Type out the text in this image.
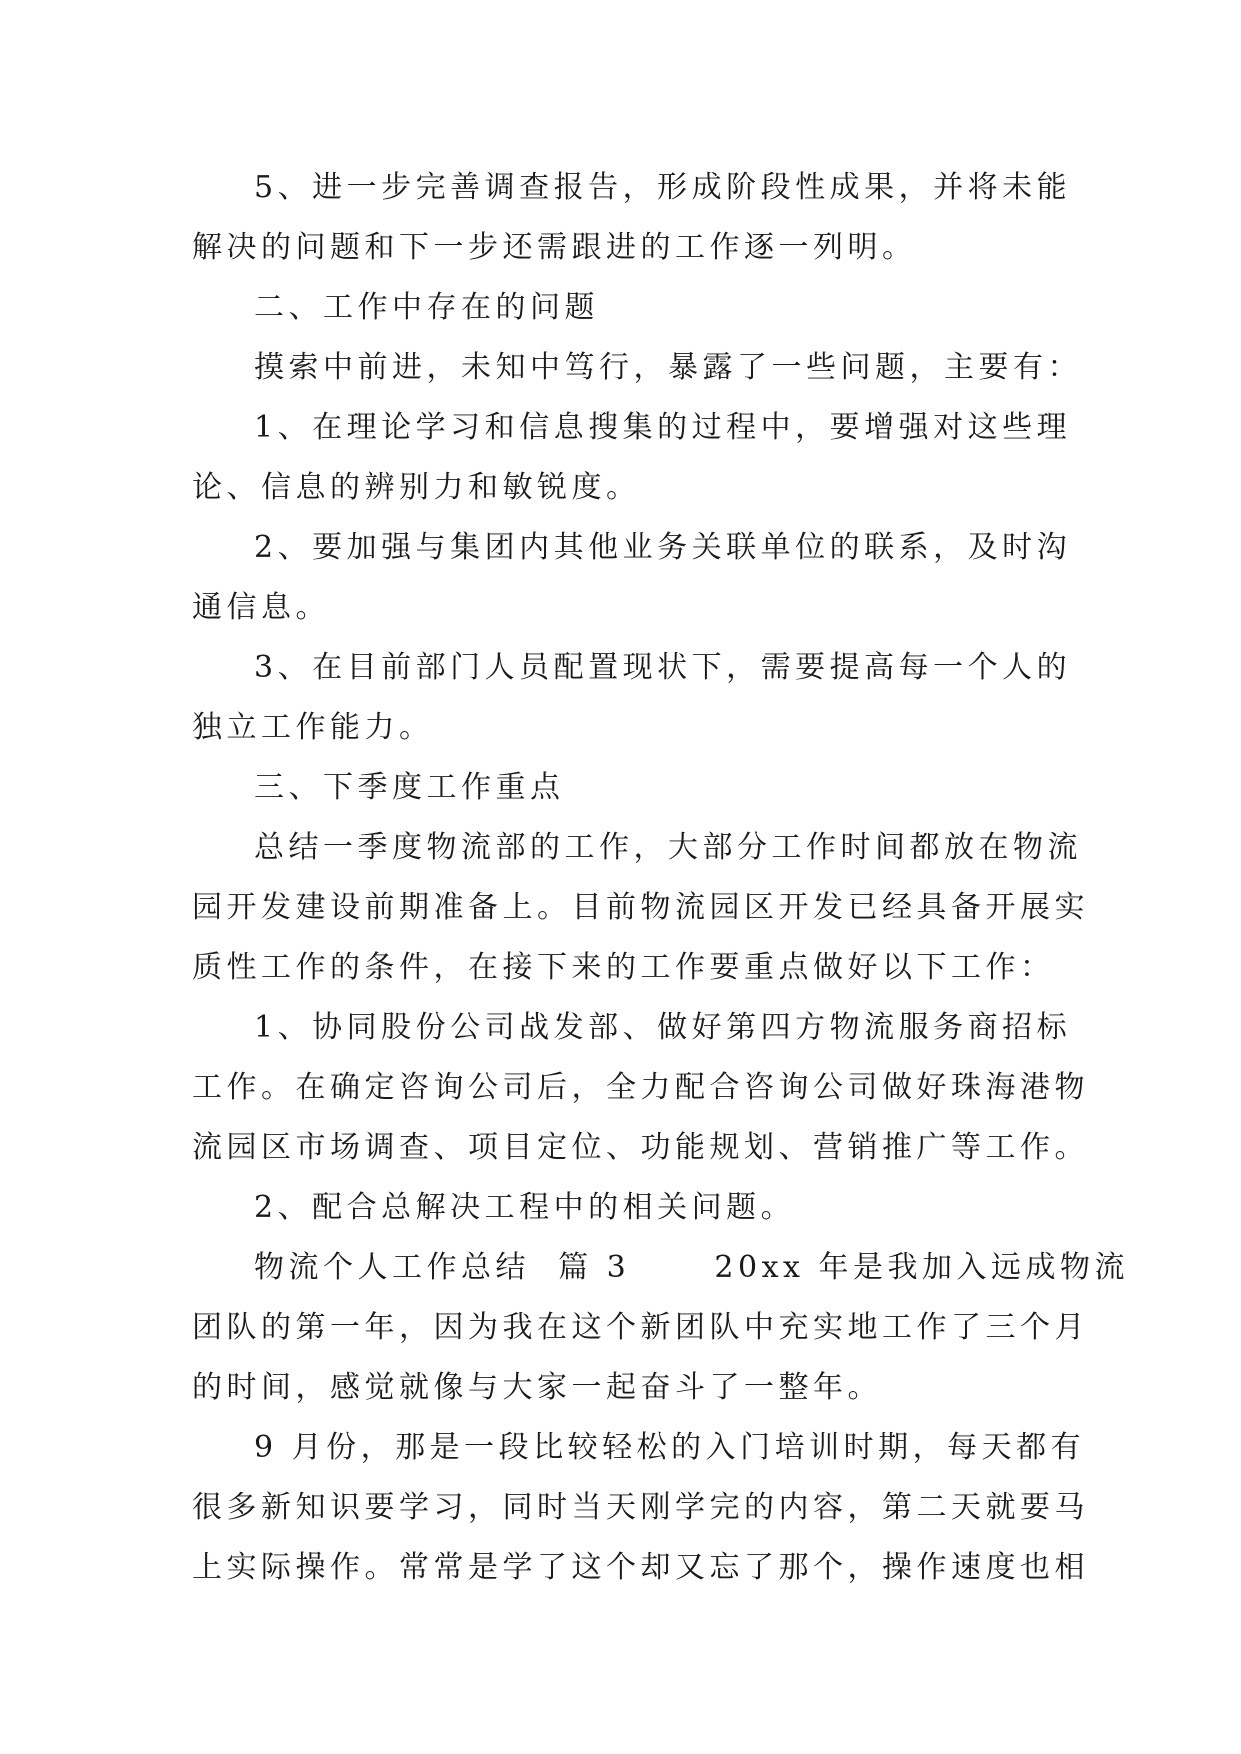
5、进一步完善调查报告，形成阶段性成果，并将未能
解决的问题和下一步还需跟进的工作逐一列明。
二、工作中存在的问题
摸索中前进，未知中笃行，暴露了一些问题，主要有：
1、在理论学习和信息搜集的过程中，要增强对这些理
论、信息的辨别力和敏锐度。
2、要加强与集团内其他业务关联单位的联系，及时沟
通信息。
3、在目前部门人员配置现状下，需要提高每一个人的
独立工作能力。
三、下季度工作重点
总结一季度物流部的工作，大部分工作时间都放在物流
园开发建设前期准备上。目前物流园区开发已经具备开展实
质性工作的条件，在接下来的工作要重点做好以下工作：
1、协同股份公司战发部、做好第四方物流服务商招标
工作。在确定咨询公司后，全力配合咨询公司做好珠海港物
流园区市场调查、项目定位、功能规划、营销推广等工作。
2、配合总解决工程中的相关问题。
物流个人工作总结  篇 3      20xx 年是我加入远成物流
团队的第一年，因为我在这个新团队中充实地工作了三个月
的时间，感觉就像与大家一起奋斗了一整年。
9 月份，那是一段比较轻松的入门培训时期，每天都有
很多新知识要学习，同时当天刚学完的内容，第二天就要马
上实际操作。常常是学了这个却又忘了那个，操作速度也相
